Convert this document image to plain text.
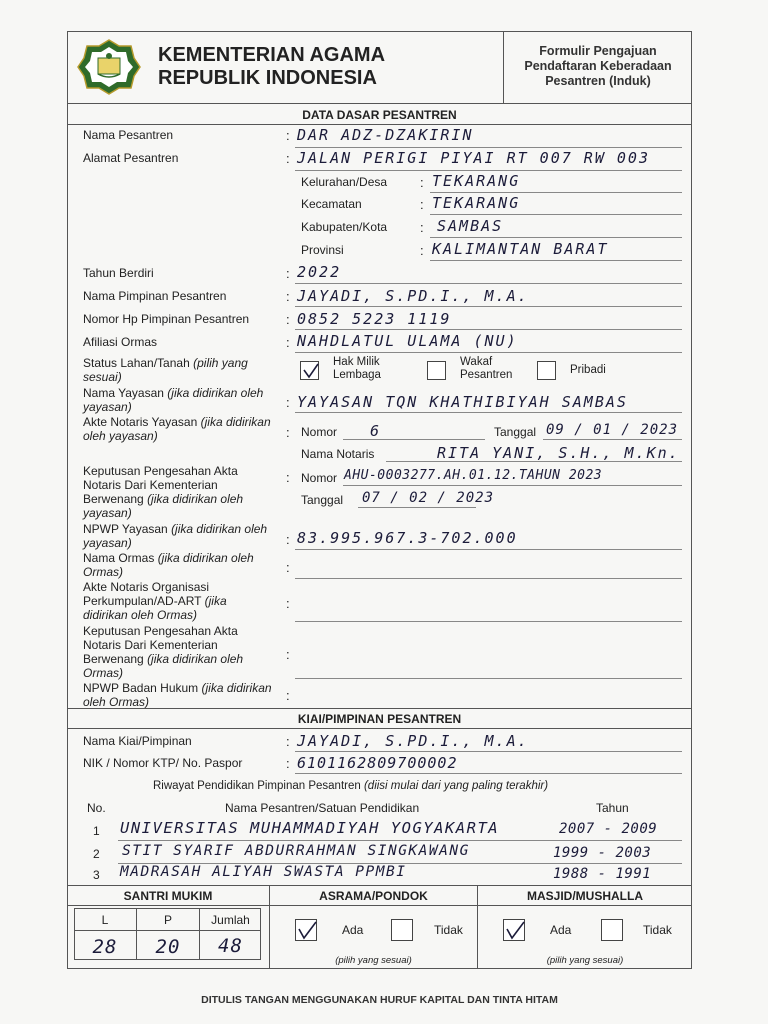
KEMENTERIAN AGAMA
REPUBLIK INDONESIA
Formulir Pengajuan
Pendaftaran Keberadaan
Pesantren (Induk)
DATA DASAR PESANTREN
Nama Pesantren	: DAR ADZ-DZAKIRIN
Alamat Pesantren	: JALAN PERIGI PIYAI RT 007 RW 003
Kelurahan/Desa	: TEKARANG
Kecamatan	: TEKARANG
Kabupaten/Kota	: SAMBAS
Provinsi	: KALIMANTAN BARAT
Tahun Berdiri	: 2022
Nama Pimpinan Pesantren	: JAYADI, S.PD.I., M.A.
Nomor Hp Pimpinan Pesantren	: 0852 5223 1119
Afiliasi Ormas	: NAHDLATUL ULAMA (NU)
Status Lahan/Tanah (pilih yang sesuai)
Hak Milik
Lembaga
Wakaf
Pesantren	Pribadi
Nama Yayasan (jika didirikan oleh yayasan)	: YAYASAN TQN KHATHIBIYAH SAMBAS
Akte Notaris Yayasan (jika didirikan oleh yayasan)	: Nomor 6	Tanggal 09 / 01 / 2023
Nama Notaris	RITA YANI, S.H., M.Kn.
Keputusan Pengesahan Akta Notaris Dari Kementerian Berwenang (jika didirikan oleh yayasan)
: Nomor AHU-0003277.AH.01.12.TAHUN 2023
Tanggal 07 / 02 / 2023
NPWP Yayasan (jika didirikan oleh yayasan)	: 83.995.967.3-702.000
Nama Ormas (jika didirikan oleh Ormas)	:
Akte Notaris Organisasi Perkumpulan/AD-ART (jika didirikan oleh Ormas)
:
Keputusan Pengesahan Akta Notaris Dari Kementerian Berwenang (jika didirikan oleh Ormas)
:
NPWP Badan Hukum (jika didirikan oleh Ormas)	:
KIAI/PIMPINAN PESANTREN
Nama Kiai/Pimpinan	: JAYADI, S.PD.I., M.A.
NIK / Nomor KTP/ No. Paspor	: 6101162809700002
Riwayat Pendidikan Pimpinan Pesantren (diisi mulai dari yang paling terakhir)
No.	Nama Pesantren/Satuan Pendidikan	Tahun
1 UNIVERSITAS MUHAMMADIYAH YOGYAKARTA	2007 - 2009
2 STIT SYARIF ABDURRAHMAN SINGKAWANG	1999 - 2003
3 MADRASAH ALIYAH SWASTA PPMBI	1988 - 1991
SANTRI MUKIM	ASRAMA/PONDOK	MASJID/MUSHALLA
L	P	Jumlah
28	20	48
Ada	Tidak
(pilih yang sesuai)
Ada	Tidak
(pilih yang sesuai)
DITULIS TANGAN MENGGUNAKAN HURUF KAPITAL DAN TINTA HITAM
